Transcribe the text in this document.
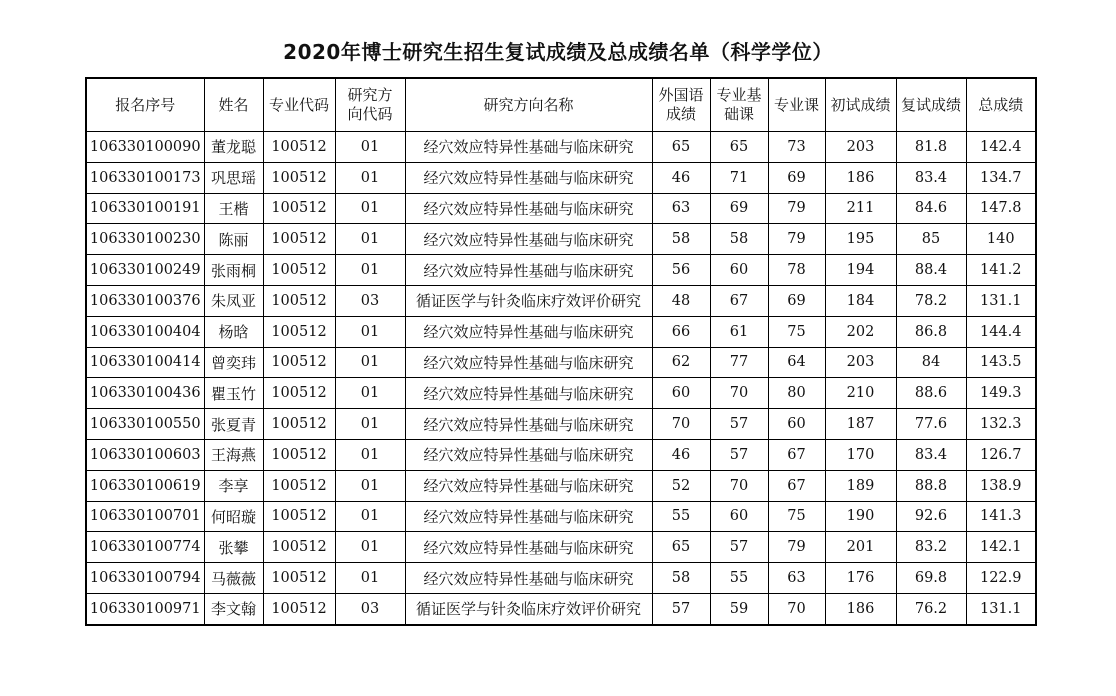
2020年博士研究生招生复试成绩及总成绩名单（科学学位）
报名序号	姓名	专业代码	研究方向代码	研究方向名称	外国语成绩	专业基础课	专业课	初试成绩	复试成绩	总成绩
106330100090	董龙聪	100512	01	经穴效应特异性基础与临床研究	65	65	73	203	81.8	142.4
106330100173	巩思瑶	100512	01	经穴效应特异性基础与临床研究	46	71	69	186	83.4	134.7
106330100191	王楷	100512	01	经穴效应特异性基础与临床研究	63	69	79	211	84.6	147.8
106330100230	陈丽	100512	01	经穴效应特异性基础与临床研究	58	58	79	195	85	140
106330100249	张雨桐	100512	01	经穴效应特异性基础与临床研究	56	60	78	194	88.4	141.2
106330100376	朱凤亚	100512	03	循证医学与针灸临床疗效评价研究	48	67	69	184	78.2	131.1
106330100404	杨晗	100512	01	经穴效应特异性基础与临床研究	66	61	75	202	86.8	144.4
106330100414	曾奕玮	100512	01	经穴效应特异性基础与临床研究	62	77	64	203	84	143.5
106330100436	瞿玉竹	100512	01	经穴效应特异性基础与临床研究	60	70	80	210	88.6	149.3
106330100550	张夏青	100512	01	经穴效应特异性基础与临床研究	70	57	60	187	77.6	132.3
106330100603	王海燕	100512	01	经穴效应特异性基础与临床研究	46	57	67	170	83.4	126.7
106330100619	李享	100512	01	经穴效应特异性基础与临床研究	52	70	67	189	88.8	138.9
106330100701	何昭璇	100512	01	经穴效应特异性基础与临床研究	55	60	75	190	92.6	141.3
106330100774	张攀	100512	01	经穴效应特异性基础与临床研究	65	57	79	201	83.2	142.1
106330100794	马薇薇	100512	01	经穴效应特异性基础与临床研究	58	55	63	176	69.8	122.9
106330100971	李文翰	100512	03	循证医学与针灸临床疗效评价研究	57	59	70	186	76.2	131.1
